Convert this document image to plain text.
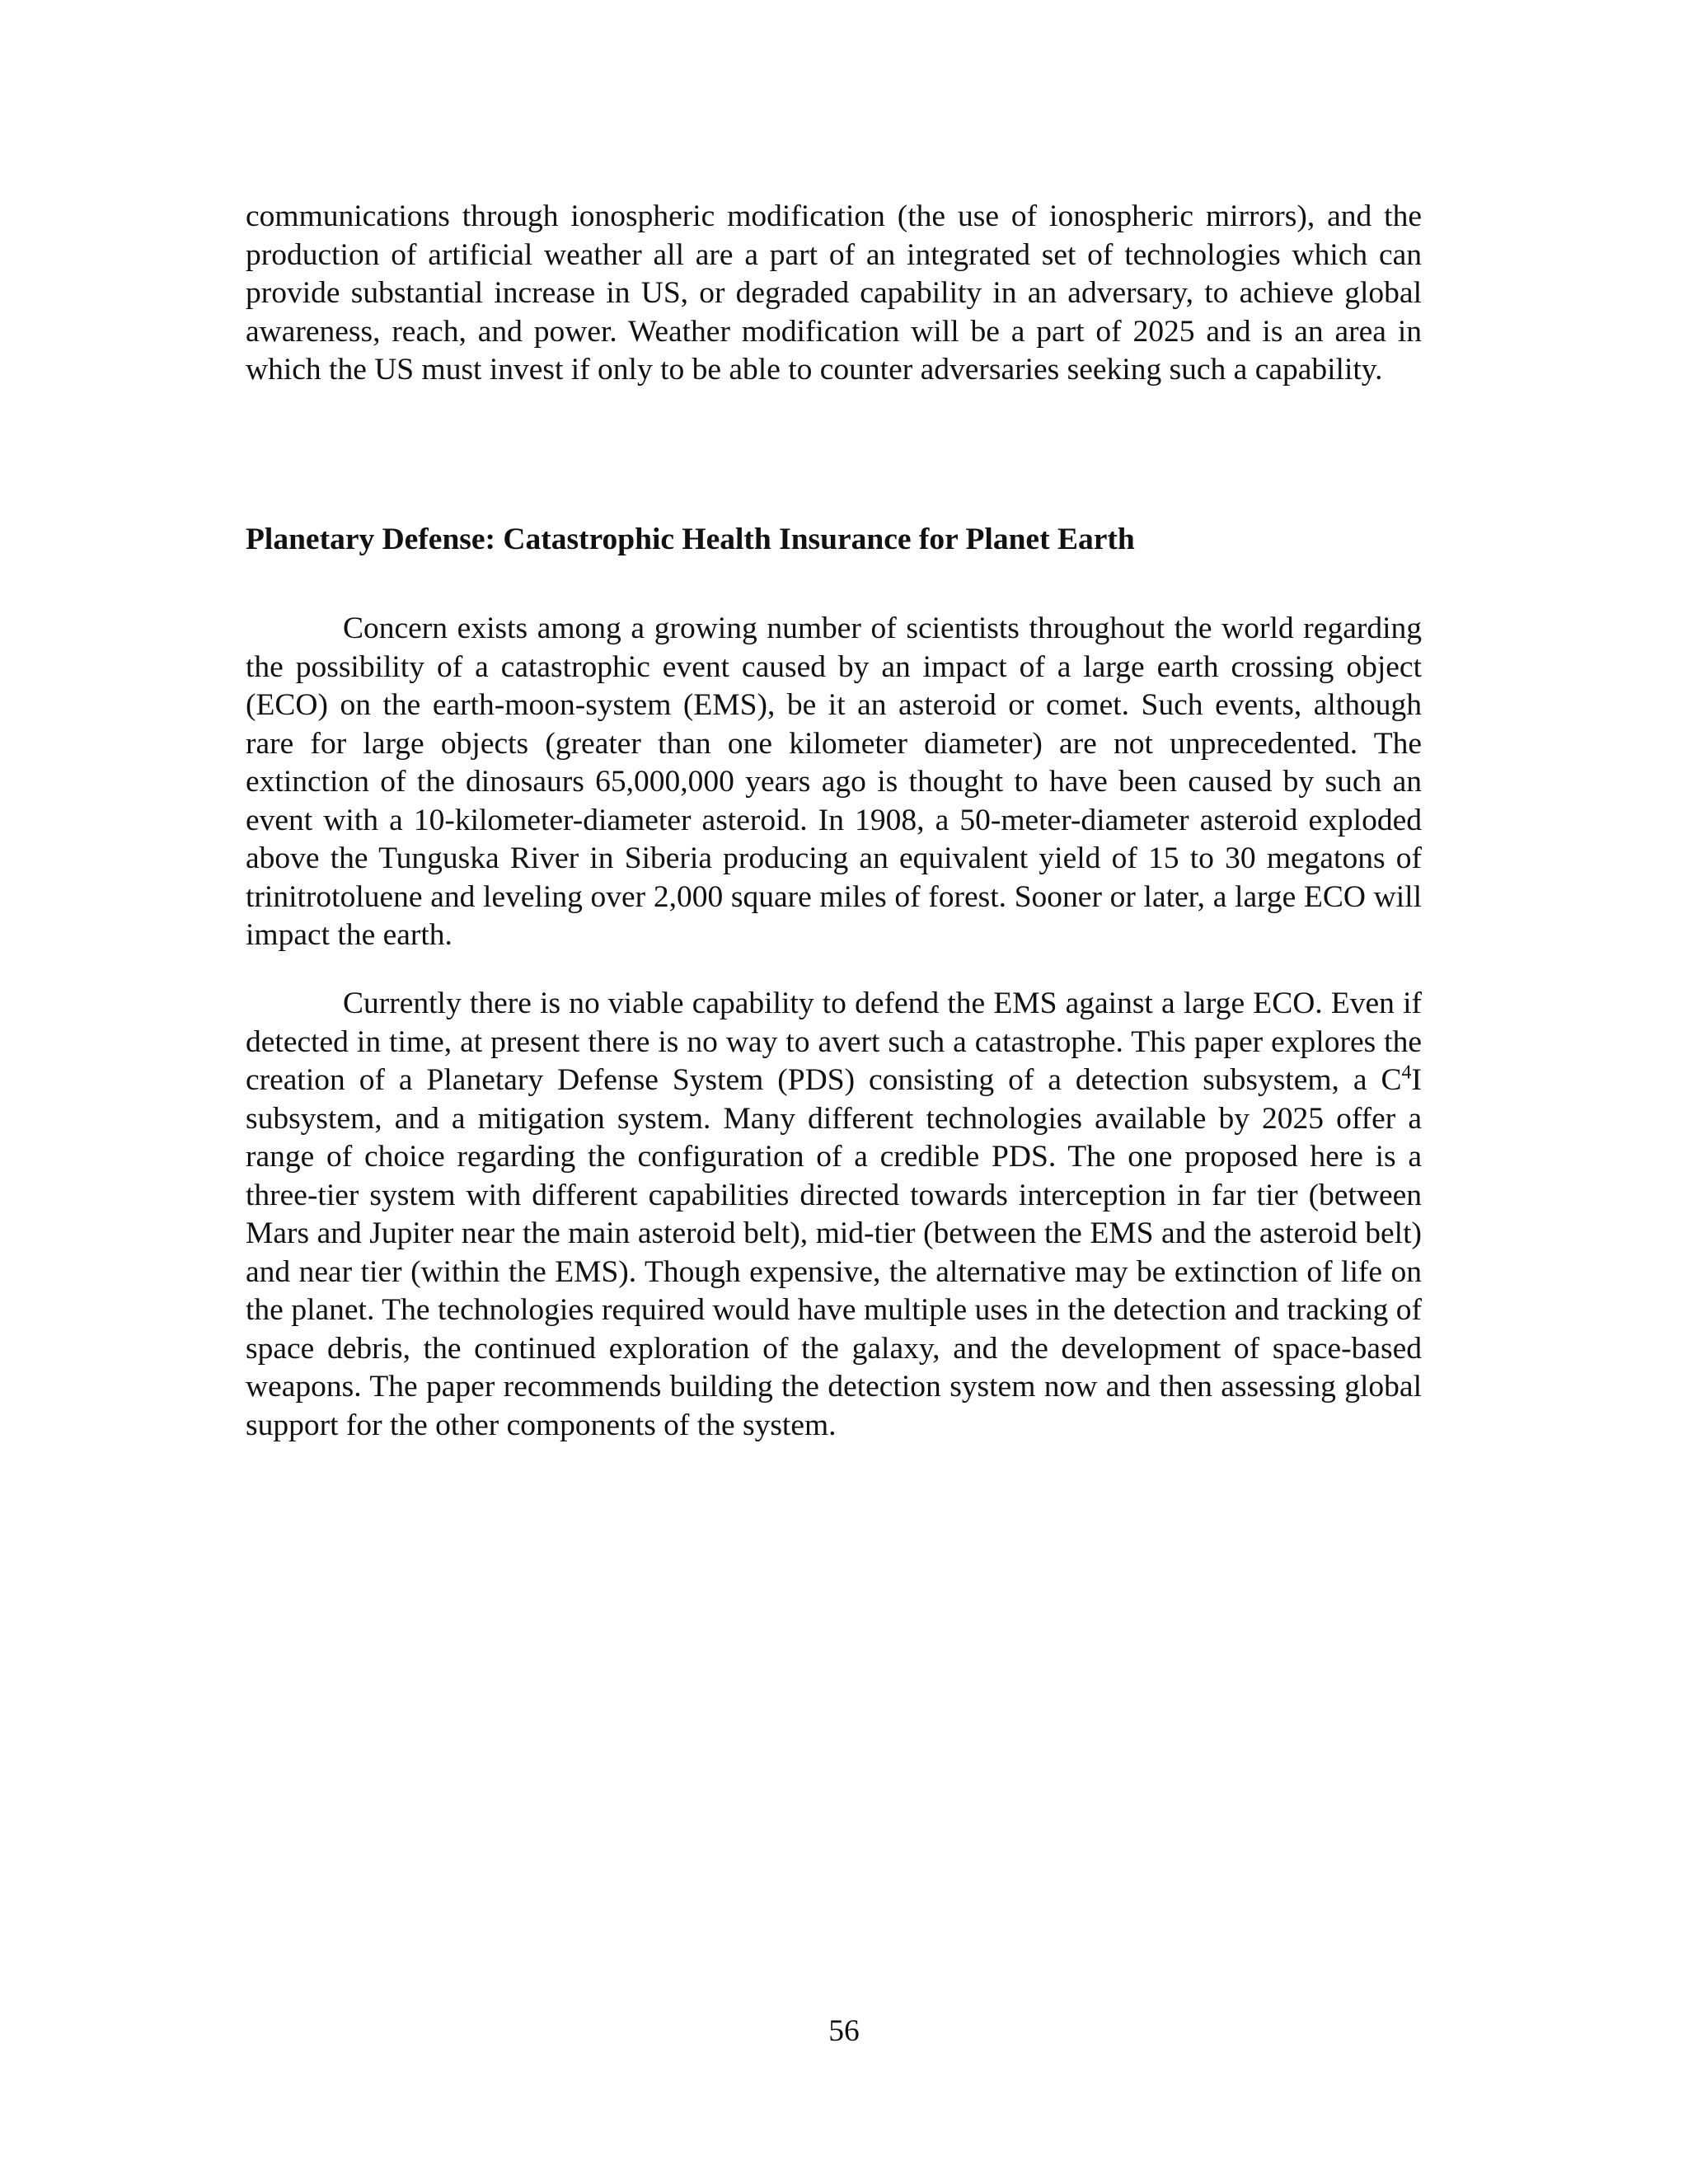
communications through ionospheric modification (the use of ionospheric mirrors), and the production of artificial weather all are a part of an integrated set of technologies which can provide substantial increase in US, or degraded capability in an adversary, to achieve global awareness, reach, and power. Weather modification will be a part of 2025 and is an area in which the US must invest if only to be able to counter adversaries seeking such a capability.

Planetary Defense: Catastrophic Health Insurance for Planet Earth

Concern exists among a growing number of scientists throughout the world regarding the possibility of a catastrophic event caused by an impact of a large earth crossing object (ECO) on the earth-moon-system (EMS), be it an asteroid or comet. Such events, although rare for large objects (greater than one kilometer diameter) are not unprecedented. The extinction of the dinosaurs 65,000,000 years ago is thought to have been caused by such an event with a 10-kilometer-diameter asteroid. In 1908, a 50-meter-diameter asteroid exploded above the Tunguska River in Siberia producing an equivalent yield of 15 to 30 megatons of trinitrotoluene and leveling over 2,000 square miles of forest. Sooner or later, a large ECO will impact the earth.

Currently there is no viable capability to defend the EMS against a large ECO. Even if detected in time, at present there is no way to avert such a catastrophe. This paper explores the creation of a Planetary Defense System (PDS) consisting of a detection subsystem, a $C^4I$ subsystem, and a mitigation system. Many different technologies available by 2025 offer a range of choice regarding the configuration of a credible PDS. The one proposed here is a three-tier system with different capabilities directed towards interception in far tier (between Mars and Jupiter near the main asteroid belt), mid-tier (between the EMS and the asteroid belt) and near tier (within the EMS). Though expensive, the alternative may be extinction of life on the planet. The technologies required would have multiple uses in the detection and tracking of space debris, the continued exploration of the galaxy, and the development of space-based weapons. The paper recommends building the detection system now and then assessing global support for the other components of the system.

56
